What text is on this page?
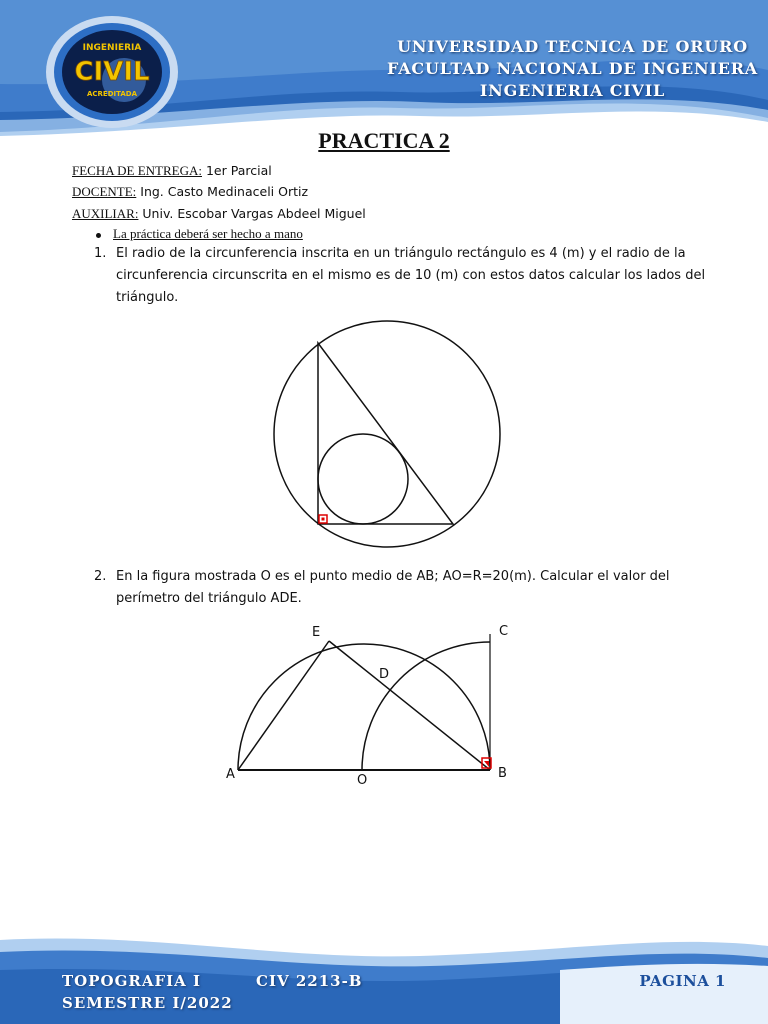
INGENIERIA
CIVIL
ACREDITADA
UNIVERSIDAD TECNICA DE ORURO
FACULTAD NACIONAL DE INGENIERA
INGENIERIA CIVIL
PRACTICA 2
FECHA DE ENTREGA: 1er Parcial
DOCENTE: Ing. Casto Medinaceli Ortiz
AUXILIAR: Univ. Escobar Vargas Abdeel Miguel
La práctica deberá ser hecho a mano
1. El radio de la circunferencia inscrita en un triángulo rectángulo es 4 (m) y el radio de la circunferencia circunscrita en el mismo es de 10 (m) con estos datos calcular los lados del triángulo.
2. En la figura mostrada O es el punto medio de AB; AO=R=20(m). Calcular el valor del perímetro del triángulo ADE.
E	C
D
A	B
O
TOPOGRAFIA I	CIV 2213-B
SEMESTRE I/2022
PAGINA 1
